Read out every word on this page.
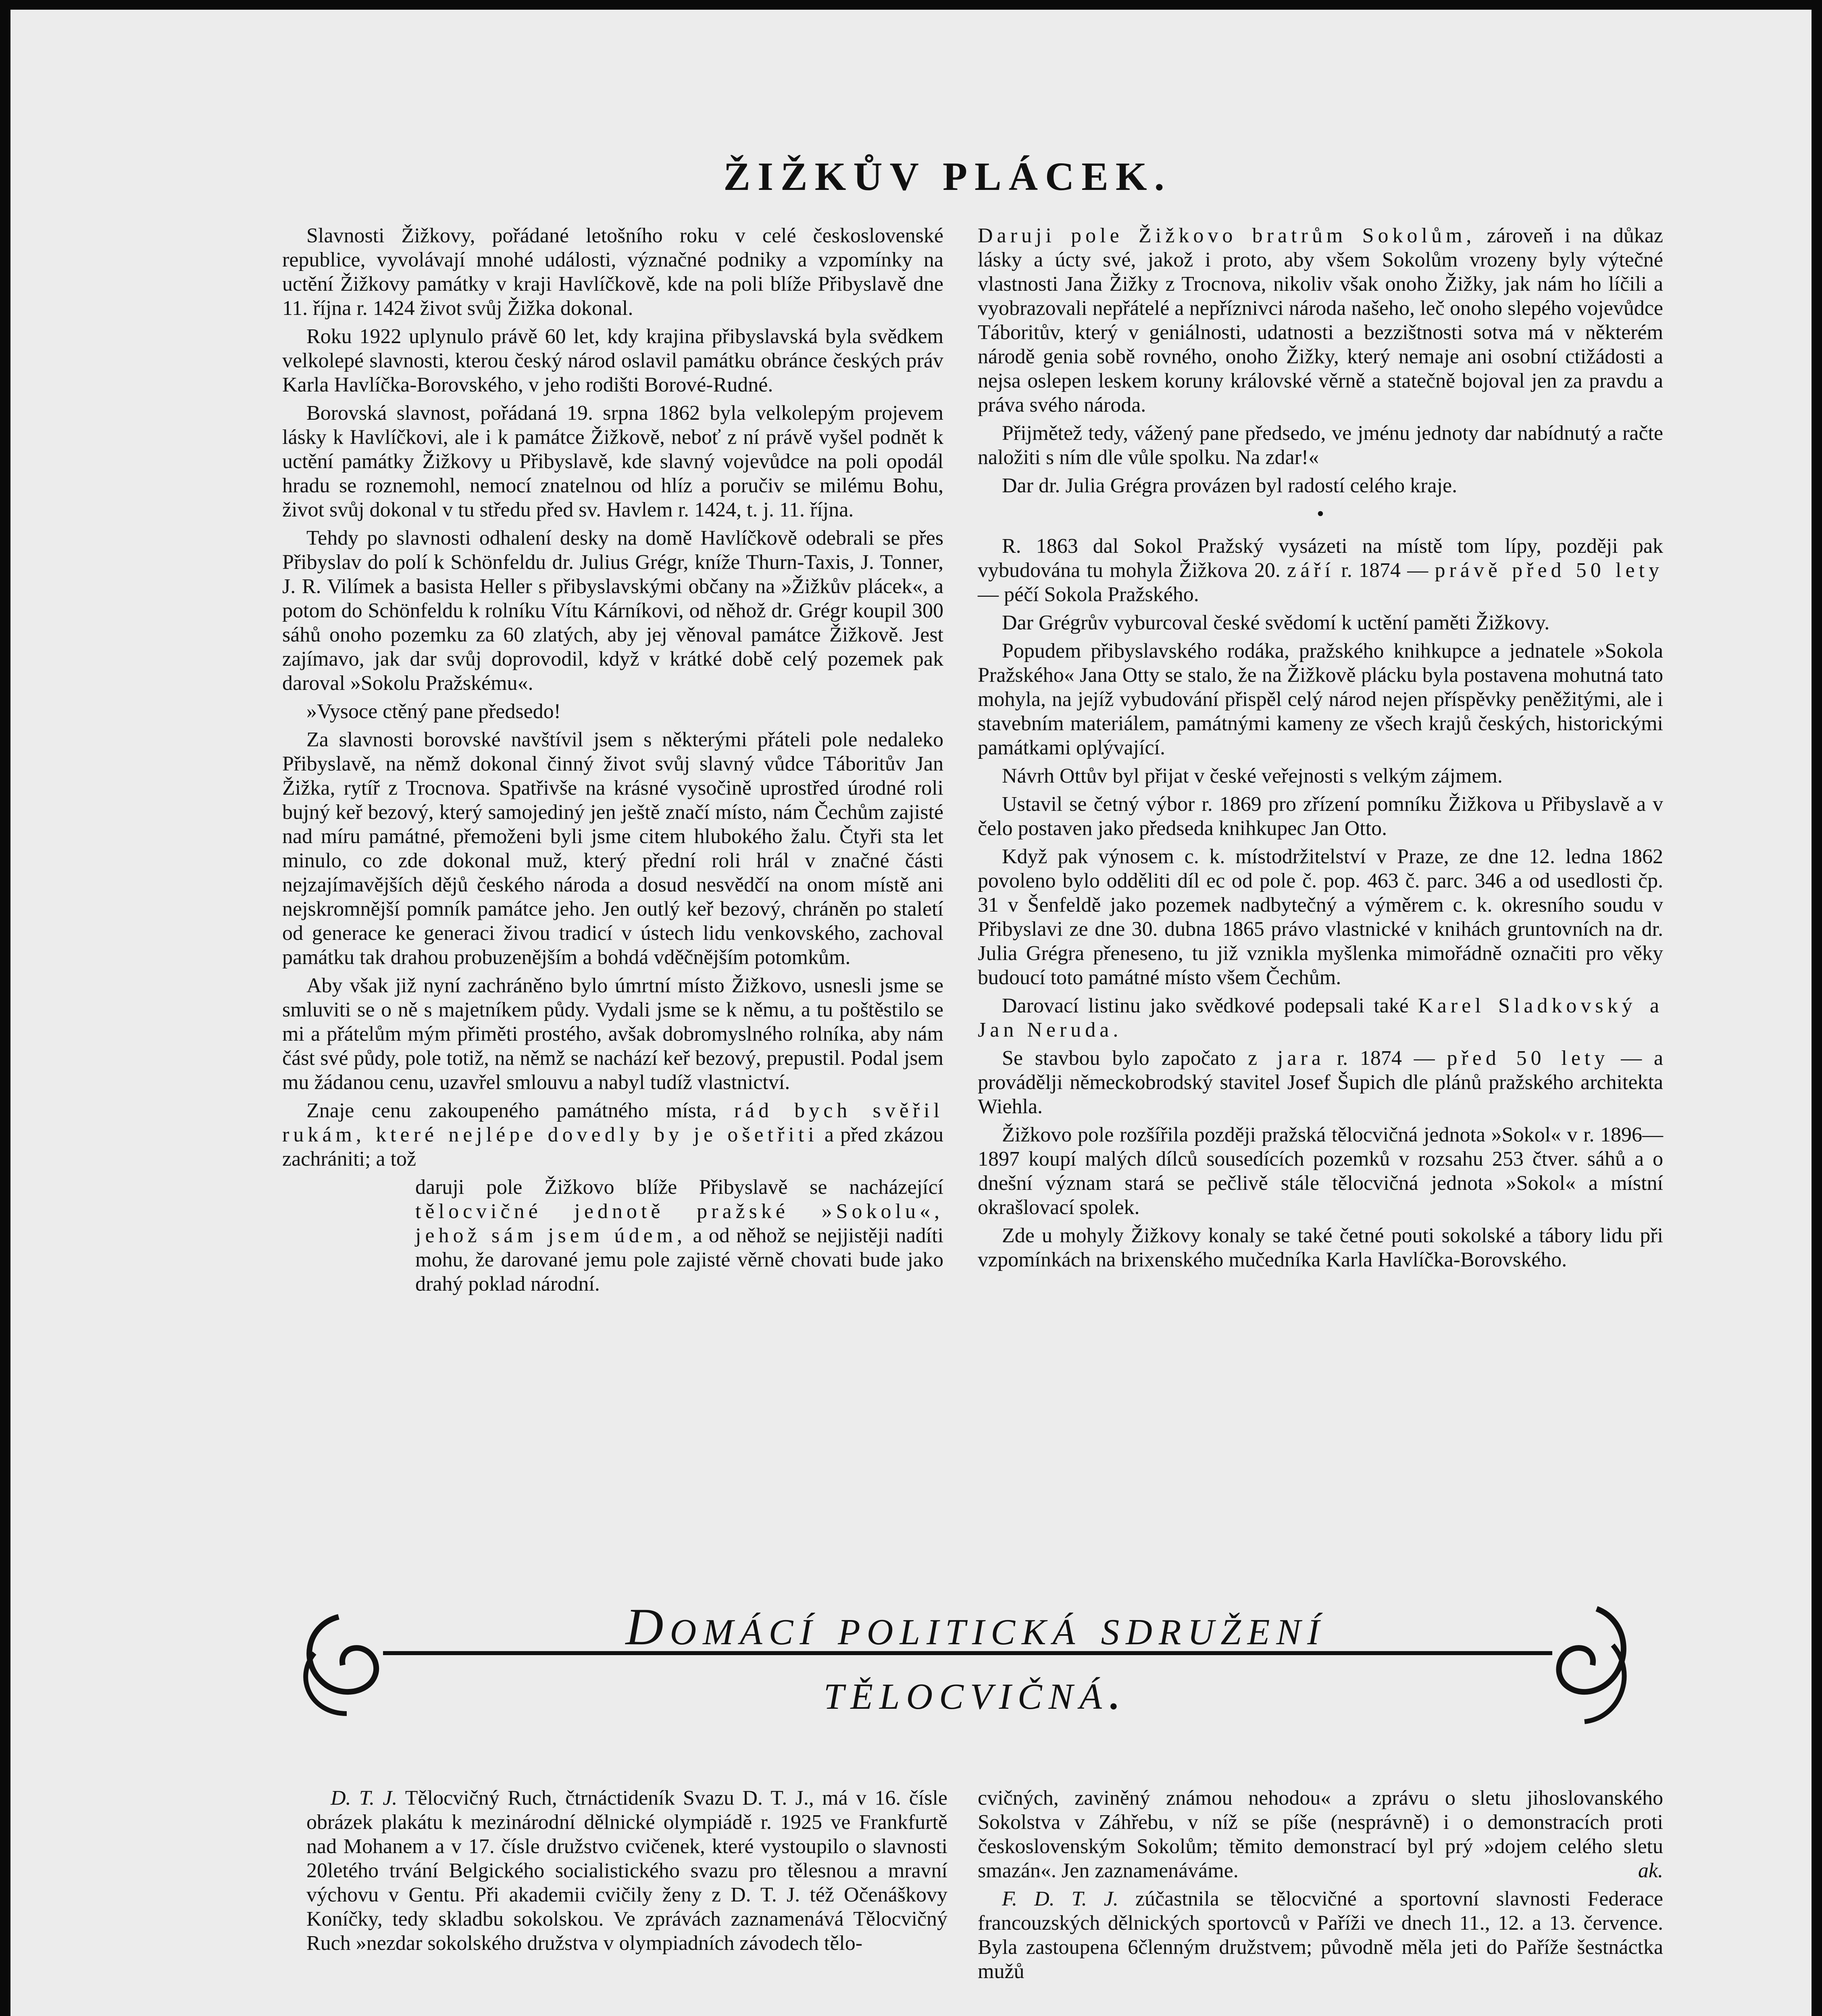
ŽIŽKŮV PLÁCEK.

Slavnosti Žižkovy, pořádané letošního roku v celé československé republice, vyvolávají mnohé události, význačné podniky a vzpomínky na uctění Žižkovy památky v kraji Havlíčkově, kde na poli blíže Přibyslavě dne 11. října r. 1424 život svůj Žižka dokonal.

Roku 1922 uplynulo právě 60 let, kdy krajina přibyslavská byla svědkem velkolepé slavnosti, kterou český národ oslavil památku obránce českých práv Karla Havlíčka-Borovského, v jeho rodišti Borové-Rudné.

Borovská slavnost, pořádaná 19. srpna 1862 byla velkolepým projevem lásky k Havlíčkovi, ale i k památce Žižkově, neboť z ní právě vyšel podnět k uctění památky Žižkovy u Přibyslavě, kde slavný vojevůdce na poli opodál hradu se roznemohl, nemocí znatelnou od hlíz a poručiv se milému Bohu, život svůj dokonal v tu středu před sv. Havlem r. 1424, t. j. 11. října.

Tehdy po slavnosti odhalení desky na domě Havlíčkově odebrali se přes Přibyslav do polí k Schönfeldu dr. Julius Grégr, kníže Thurn-Taxis, J. Tonner, J. R. Vilímek a basista Heller s přibyslavskými občany na »Žižkův plácek«, a potom do Schönfeldu k rolníku Vítu Kárníkovi, od něhož dr. Grégr koupil 300 sáhů onoho pozemku za 60 zlatých, aby jej věnoval památce Žižkově. Jest zajímavo, jak dar svůj doprovodil, když v krátké době celý pozemek pak daroval »Sokolu Pražskému«.

»Vysoce ctěný pane předsedo!

Za slavnosti borovské navštívil jsem s některými přáteli pole nedaleko Přibyslavě, na němž dokonal činný život svůj slavný vůdce Táboritův Jan Žižka, rytíř z Trocnova. Spatřivše na krásné vysočině uprostřed úrodné roli bujný keř bezový, který samojediný jen ještě značí místo, nám Čechům zajisté nad míru památné, přemoženi byli jsme citem hlubokého žalu. Čtyři sta let minulo, co zde dokonal muž, který přední roli hrál v značné části nejzajímavějších dějů českého národa a dosud nesvědčí na onom místě ani nejskromnější pomník památce jeho. Jen outlý keř bezový, chráněn po staletí od generace ke generaci živou tradicí v ústech lidu venkovského, zachoval památku tak drahou probuzenějším a bohdá vděčnějším potomkům.

Aby však již nyní zachráněno bylo úmrtní místo Žižkovo, usnesli jsme se smluviti se o ně s majetníkem půdy. Vydali jsme se k němu, a tu poštěstilo se mi a přátelům mým přiměti prostého, avšak dobromyslného rolníka, aby nám část své půdy, pole totiž, na němž se nachází keř bezový, prepustil. Podal jsem mu žádanou cenu, uzavřel smlouvu a nabyl tudíž vlastnictví.

Znaje cenu zakoupeného památného místa, rád bych svěřil rukám, které nejlépe dovedly by je ošetřiti a před zkázou zachrániti; a tož

daruji pole Žižkovo blíže Přibyslavě se nacházející tělocvičné jednotě pražské »Sokolu«, jehož sám jsem údem, a od něhož se nejjistěji nadíti mohu, že darované jemu pole zajisté věrně chovati bude jako drahý poklad národní.

Daruji pole Žižkovo bratrům Sokolům, zároveň i na důkaz lásky a úcty své, jakož i proto, aby všem Sokolům vrozeny byly výtečné vlastnosti Jana Žižky z Trocnova, nikoliv však onoho Žižky, jak nám ho líčili a vyobrazovali nepřátelé a nepříznivci národa našeho, leč onoho slepého vojevůdce Táboritův, který v geniálnosti, udatnosti a bezzištnosti sotva má v některém národě genia sobě rovného, onoho Žižky, který nemaje ani osobní ctižádosti a nejsa oslepen leskem koruny královské věrně a statečně bojoval jen za pravdu a práva svého národa.

Přijmětež tedy, vážený pane předsedo, ve jménu jednoty dar nabídnutý a račte naložiti s ním dle vůle spolku. Na zdar!«

Dar dr. Julia Grégra provázen byl radostí celého kraje.

•

R. 1863 dal Sokol Pražský vysázeti na místě tom lípy, později pak vybudována tu mohyla Žižkova 20. září r. 1874 — právě před 50 lety — péčí Sokola Pražského.

Dar Grégrův vyburcoval české svědomí k uctění paměti Žižkovy.

Popudem přibyslavského rodáka, pražského knihkupce a jednatele »Sokola Pražského« Jana Otty se stalo, že na Žižkově plácku byla postavena mohutná tato mohyla, na jejíž vybudování přispěl celý národ nejen příspěvky peněžitými, ale i stavebním materiálem, památnými kameny ze všech krajů českých, historickými památkami oplývající.

Návrh Ottův byl přijat v české veřejnosti s velkým zájmem.

Ustavil se četný výbor r. 1869 pro zřízení pomníku Žižkova u Přibyslavě a v čelo postaven jako předseda knihkupec Jan Otto.

Když pak výnosem c. k. místodržitelství v Praze, ze dne 12. ledna 1862 povoleno bylo odděliti díl ec od pole č. pop. 463 č. parc. 346 a od usedlosti čp. 31 v Šenfeldě jako pozemek nadbytečný a výměrem c. k. okresního soudu v Přibyslavi ze dne 30. dubna 1865 právo vlastnické v knihách gruntovních na dr. Julia Grégra přeneseno, tu již vznikla myšlenka mimořádně označiti pro věky budoucí toto památné místo všem Čechům.

Darovací listinu jako svědkové podepsali také Karel Sladkovský a Jan Neruda.

Se stavbou bylo započato z jara r. 1874 — před 50 lety — a provádělji německobrodský stavitel Josef Šupich dle plánů pražského architekta Wiehla.

Žižkovo pole rozšířila později pražská tělocvičná jednota »Sokol« v r. 1896—1897 koupí malých dílců sousedících pozemků v rozsahu 253 čtver. sáhů a o dnešní význam stará se pečlivě stále tělocvičná jednota »Sokol« a místní okrašlovací spolek.

Zde u mohyly Žižkovy konaly se také četné pouti sokolské a tábory lidu při vzpomínkách na brixenského mučedníka Karla Havlíčka-Borovského.

Domácí politická sdružení
tělocvičná.

D. T. J. Tělocvičný Ruch, čtrnáctideník Svazu D. T. J., má v 16. čísle obrázek plakátu k mezinárodní dělnické olympiádě r. 1925 ve Frankfurtě nad Mohanem a v 17. čísle družstvo cvičenek, které vystoupilo o slavnosti 20letého trvání Belgického socialistického svazu pro tělesnou a mravní výchovu v Gentu. Při akademii cvičily ženy z D. T. J. též Očenáškovy Koníčky, tedy skladbu sokolskou. Ve zprávách zaznamenává Tělocvičný Ruch »nezdar sokolského družstva v olympiadních závodech tělo-

cvičných, zaviněný známou nehodou« a zprávu o sletu jihoslovanského Sokolstva v Záhřebu, v níž se píše (nesprávně) i o demonstracích proti československým Sokolům; těmito demonstrací byl prý »dojem celého sletu smazán«. Jen zaznamenáváme.	ak.

F. D. T. J. zúčastnila se tělocvičné a sportovní slavnosti Federace francouzských dělnických sportovců v Paříži ve dnech 11., 12. a 13. července. Byla zastoupena 6členným družstvem; původně měla jeti do Paříže šestnáctka mužů
